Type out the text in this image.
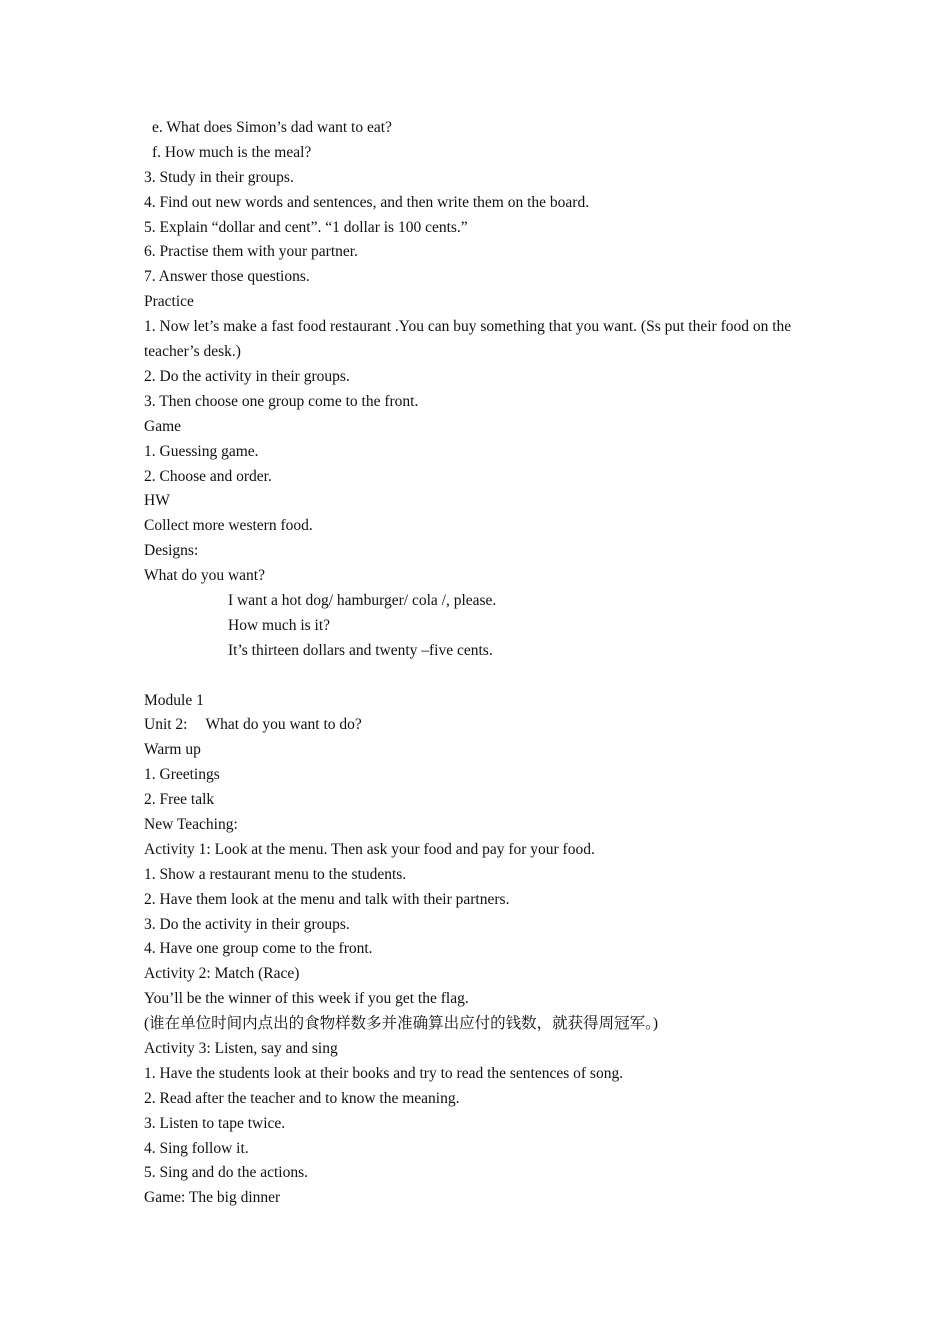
e. What does Simon’s dad want to eat?
f. How much is the meal?
3. Study in their groups.
4. Find out new words and sentences, and then write them on the board.
5. Explain “dollar and cent”. “1 dollar is 100 cents.”
6. Practise them with your partner.
7. Answer those questions.
Practice
1. Now let’s make a fast food restaurant .You can buy something that you want. (Ss put their food on the teacher’s desk.)
2. Do the activity in their groups.
3. Then choose one group come to the front.
Game
1. Guessing game.
2. Choose and order.
HW
Collect more western food.
Designs:
What do you want?
I want a hot dog/ hamburger/ cola /, please.
How much is it?
It’s thirteen dollars and twenty –five cents.
Module 1
Unit 2: What do you want to do?
Warm up
1. Greetings
2. Free talk
New Teaching:
Activity 1: Look at the menu. Then ask your food and pay for your food.
1. Show a restaurant menu to the students.
2. Have them look at the menu and talk with their partners.
3. Do the activity in their groups.
4. Have one group come to the front.
Activity 2: Match (Race)
You’ll be the winner of this week if you get the flag.
(谁在单位时间内点出的食物样数多并准确算出应付的钱数，就获得周冠军。)
Activity 3: Listen, say and sing
1. Have the students look at their books and try to read the sentences of song.
2. Read after the teacher and to know the meaning.
3. Listen to tape twice.
4. Sing follow it.
5. Sing and do the actions.
Game: The big dinner
